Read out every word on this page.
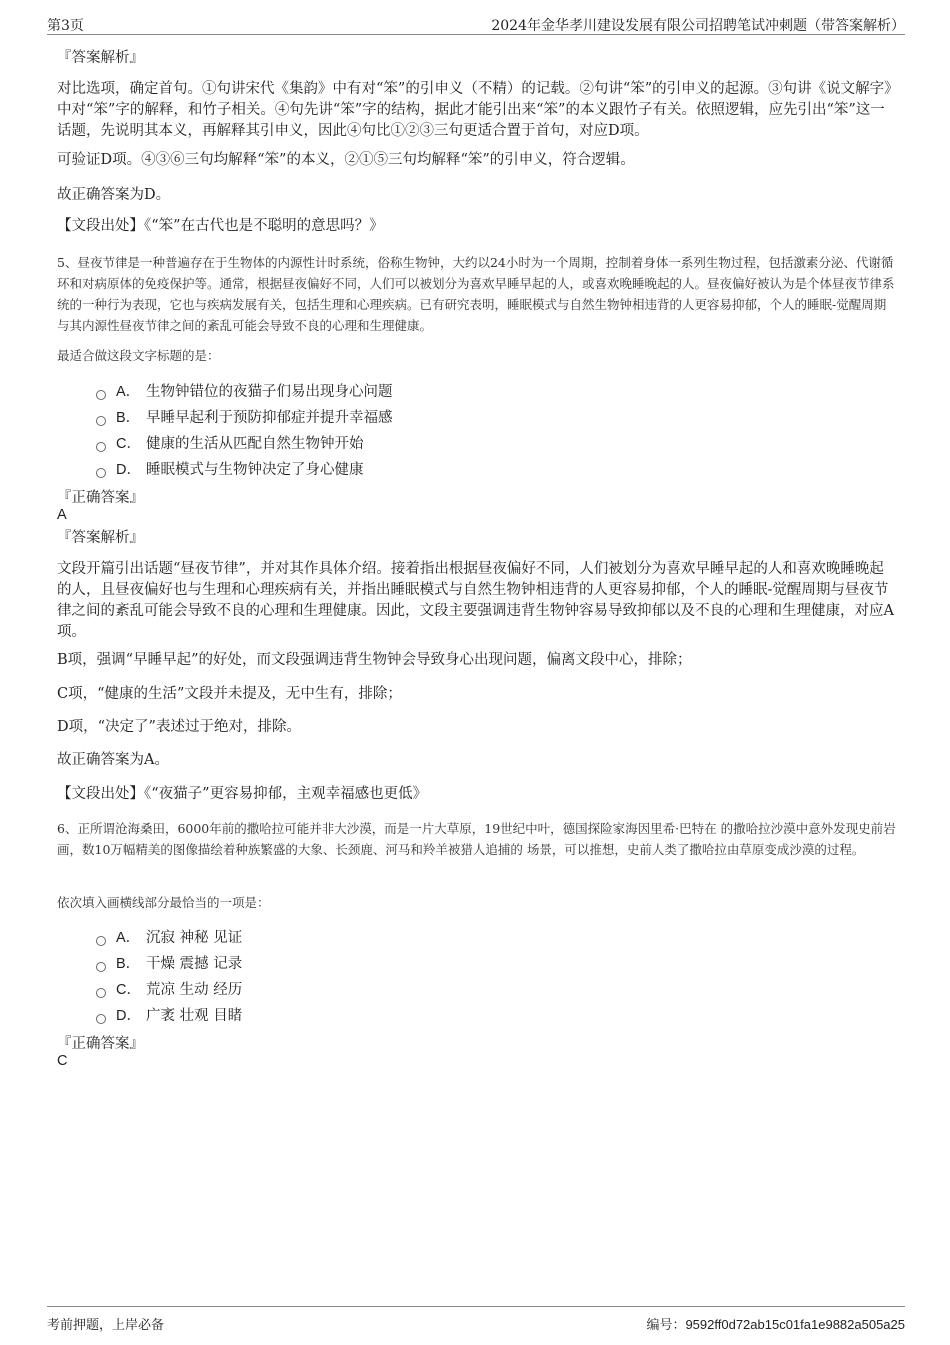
第3页	2024年金华孝川建设发展有限公司招聘笔试冲刺题（带答案解析）
『答案解析』
对比选项，确定首句。①句讲宋代《集韵》中有对“笨”的引申义（不精）的记载。②句讲“笨”的引申义的起源。③句讲《说文解字》中对“笨”字的解释，和竹子相关。④句先讲“笨”字的结构，据此才能引出来“笨”的本义跟竹子有关。依照逻辑，应先引出“笨”这一话题，先说明其本义，再解释其引申义，因此④句比①②③三句更适合置于首句，对应D项。
可验证D项。④③⑥三句均解释“笨”的本义，②①⑤三句均解释“笨”的引申义，符合逻辑。
故正确答案为D。
【文段出处】《“笨”在古代也是不聪明的意思吗？》
5、昼夜节律是一种普遍存在于生物体的内源性计时系统，俗称生物钟，大约以24小时为一个周期，控制着身体一系列生物过程，包括激素分泌、代谢循环和对病原体的免疫保护等。通常，根据昼夜偏好不同，人们可以被划分为喜欢早睡早起的人，或喜欢晚睡晚起的人。昼夜偏好被认为是个体昼夜节律系统的一种行为表现，它也与疾病发展有关，包括生理和心理疾病。已有研究表明，睡眠模式与自然生物钟相违背的人更容易抑郁，个人的睡眠-觉醒周期与其内源性昼夜节律之间的紊乱可能会导致不良的心理和生理健康。
最适合做这段文字标题的是：
A． 生物钟错位的夜猫子们易出现身心问题
B． 早睡早起利于预防抑郁症并提升幸福感
C． 健康的生活从匹配自然生物钟开始
D． 睡眠模式与生物钟决定了身心健康
『正确答案』
A
『答案解析』
文段开篇引出话题“昼夜节律”，并对其作具体介绍。接着指出根据昼夜偏好不同，人们被划分为喜欢早睡早起的人和喜欢晚睡晚起的人，且昼夜偏好也与生理和心理疾病有关，并指出睡眠模式与自然生物钟相违背的人更容易抑郁，个人的睡眠-觉醒周期与昼夜节律之间的紊乱可能会导致不良的心理和生理健康。因此，文段主要强调违背生物钟容易导致抑郁以及不良的心理和生理健康，对应A项。
B项，强调“早睡早起”的好处，而文段强调违背生物钟会导致身心出现问题，偏离文段中心，排除；
C项，“健康的生活”文段并未提及，无中生有，排除；
D项，“决定了”表述过于绝对，排除。
故正确答案为A。
【文段出处】《“夜猫子”更容易抑郁，主观幸福感也更低》
6、正所谓沧海桑田，6000年前的撒哈拉可能并非大沙漠，而是一片大草原，19世纪中叶，德国探险家海因里希·巴特在 的撒哈拉沙漠中意外发现史前岩画，数10万幅精美的图像描绘着种族繁盛的大象、长颈鹿、河马和羚羊被猎人追捕的 场景，可以推想，史前人类了撒哈拉由草原变成沙漠的过程。
依次填入画横线部分最恰当的一项是：
A． 沉寂 神秘 见证
B． 干燥 震撼 记录
C． 荒凉 生动 经历
D． 广袤 壮观 目睹
『正确答案』
C
考前押题，上岸必备	编号：9592ff0d72ab15c01fa1e9882a505a25
